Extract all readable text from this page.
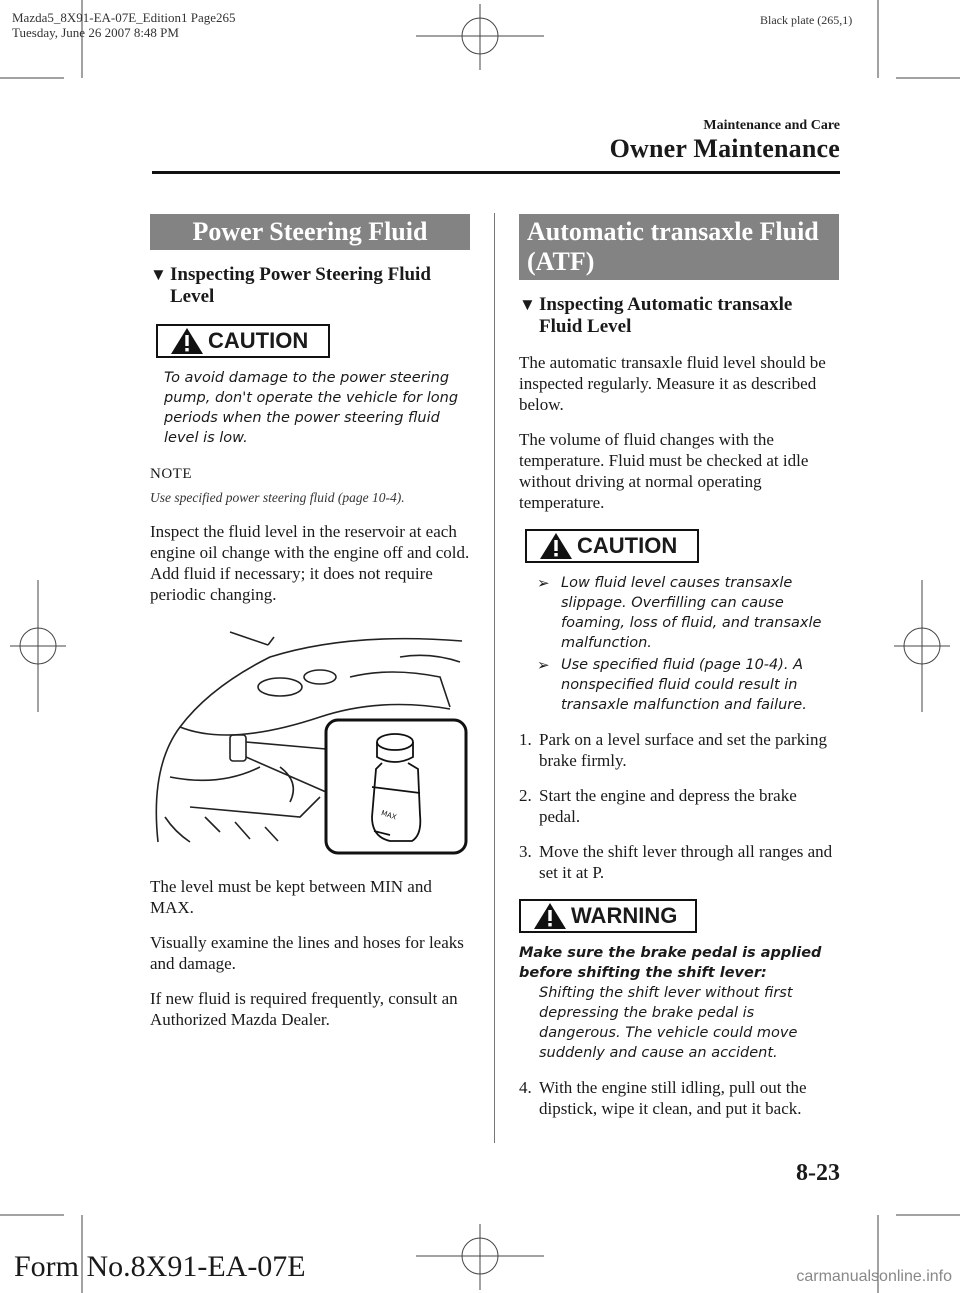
Mazda5_8X91-EA-07E_Edition1 Page265
Tuesday, June 26 2007 8:48 PM
Black plate (265,1)
Maintenance and Care
Owner Maintenance
Power Steering Fluid
▼ Inspecting Power Steering Fluid Level
CAUTION

To avoid damage to the power steering pump, don't operate the vehicle for long periods when the power steering fluid level is low.

NOTE

Use specified power steering fluid (page 10-4).

Inspect the fluid level in the reservoir at each engine oil change with the engine off and cold. Add fluid if necessary; it does not require periodic changing.

MAX

The level must be kept between MIN and MAX.

Visually examine the lines and hoses for leaks and damage.

If new fluid is required frequently, consult an Authorized Mazda Dealer.

Automatic transaxle Fluid (ATF)
▼ Inspecting Automatic transaxle Fluid Level

The automatic transaxle fluid level should be inspected regularly. Measure it as described below.

The volume of fluid changes with the temperature. Fluid must be checked at idle without driving at normal operating temperature.

CAUTION

➢ Low fluid level causes transaxle slippage. Overfilling can cause foaming, loss of fluid, and transaxle malfunction.

➢ Use specified fluid (page 10-4). A nonspecified fluid could result in transaxle malfunction and failure.

1. Park on a level surface and set the parking brake firmly.

2. Start the engine and depress the brake pedal.

3. Move the shift lever through all ranges and set it at P.

WARNING

Make sure the brake pedal is applied before shifting the shift lever:

Shifting the shift lever without first depressing the brake pedal is dangerous. The vehicle could move suddenly and cause an accident.

4. With the engine still idling, pull out the dipstick, wipe it clean, and put it back.

8-23
Form No.8X91-EA-07E	carmanualsonline.info
